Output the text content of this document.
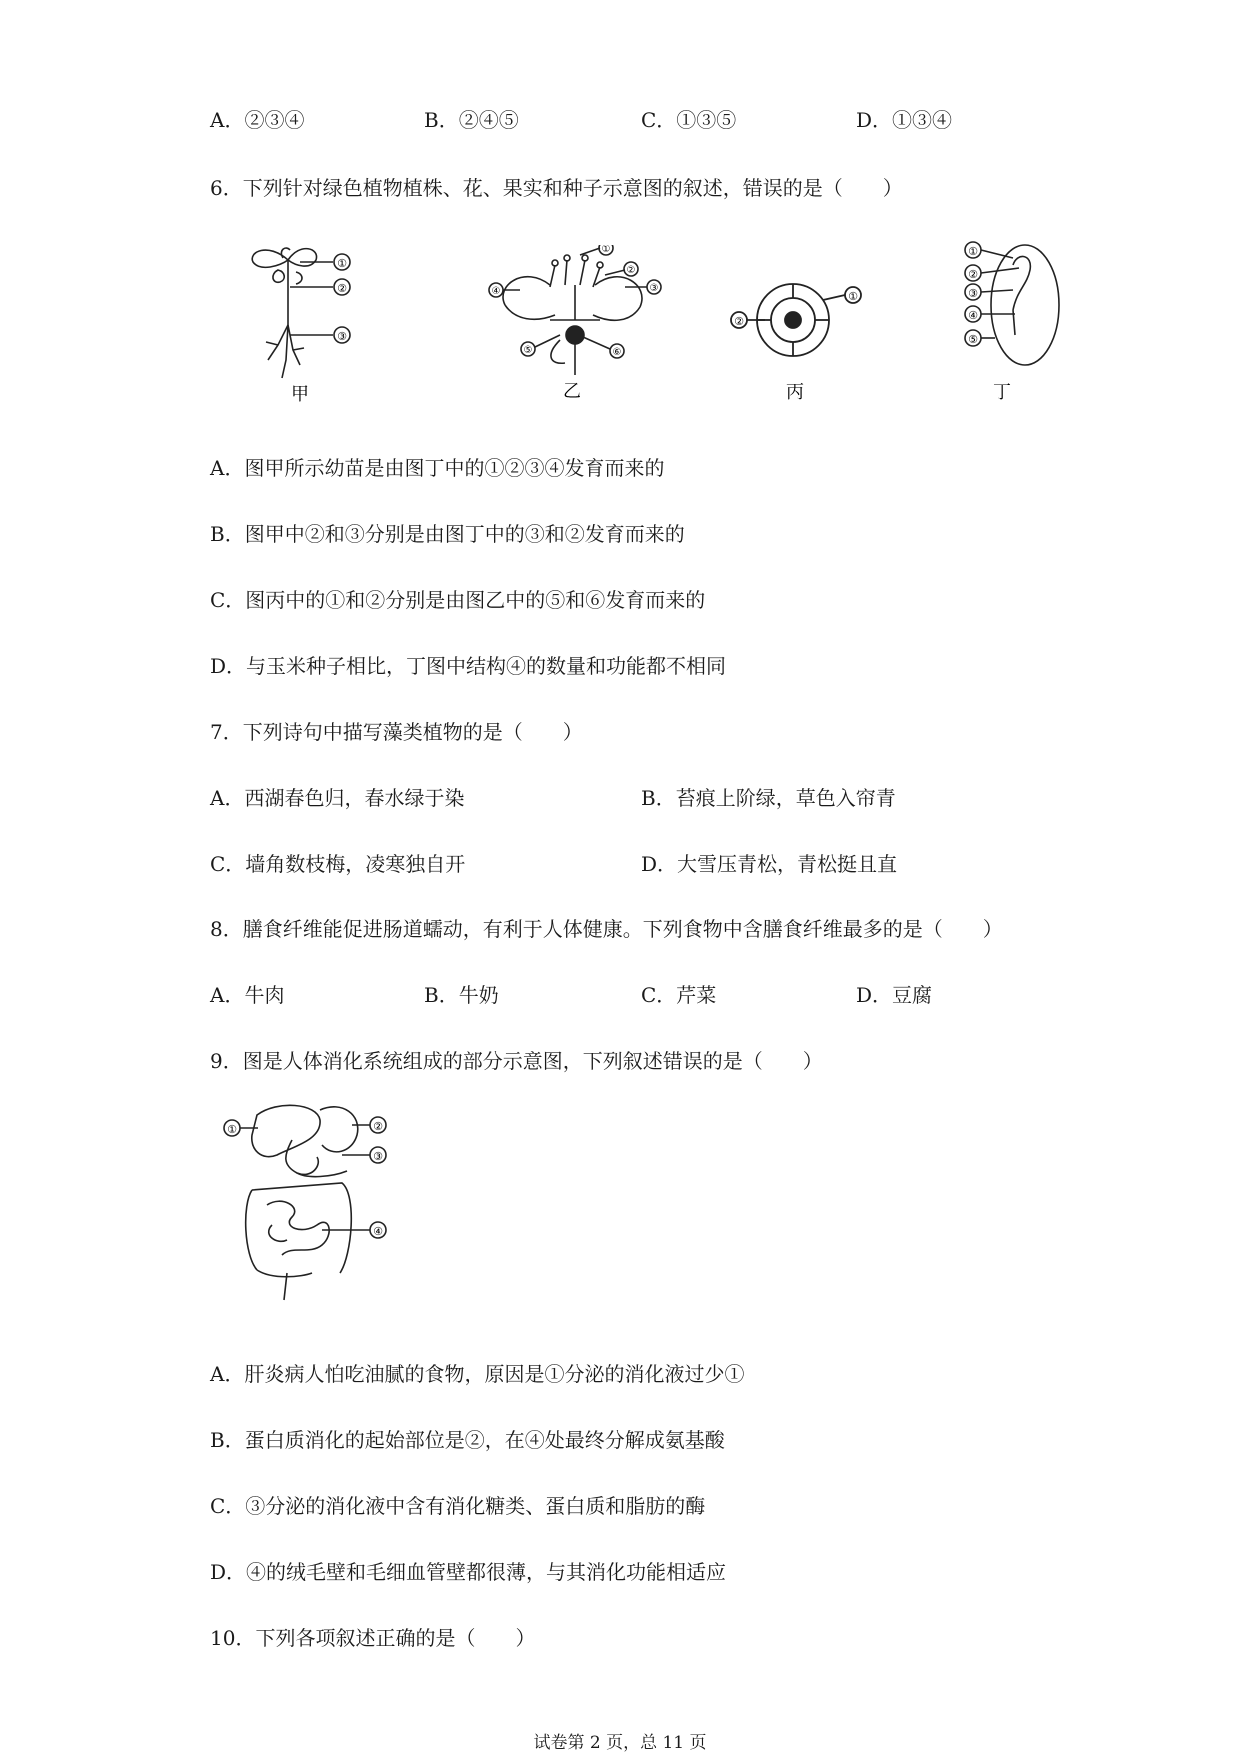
A．②③④	B．②④⑤	C．①③⑤	D．①③④
6．下列针对绿色植物植株、花、果实和种子示意图的叙述，错误的是（　　）
①
②
③
甲
①
②
③
④
⑤	⑥
乙
①
②
丙
①
②
③
④
⑤
丁
A．图甲所示幼苗是由图丁中的①②③④发育而来的
B．图甲中②和③分别是由图丁中的③和②发育而来的
C．图丙中的①和②分别是由图乙中的⑤和⑥发育而来的
D．与玉米种子相比，丁图中结构④的数量和功能都不相同
7．下列诗句中描写藻类植物的是（　　）
A．西湖春色归，春水绿于染	B．苔痕上阶绿，草色入帘青
C．墙角数枝梅，凌寒独自开	D．大雪压青松，青松挺且直
8．膳食纤维能促进肠道蠕动，有利于人体健康。下列食物中含膳食纤维最多的是（　　）
A．牛肉	B．牛奶	C．芹菜	D．豆腐
9．图是人体消化系统组成的部分示意图，下列叙述错误的是（　　）
①	②
③
④
A．肝炎病人怕吃油腻的食物，原因是①分泌的消化液过少①
B．蛋白质消化的起始部位是②，在④处最终分解成氨基酸
C．③分泌的消化液中含有消化糖类、蛋白质和脂肪的酶
D．④的绒毛壁和毛细血管壁都很薄，与其消化功能相适应
10．下列各项叙述正确的是（　　）
试卷第 2 页，总 11 页
